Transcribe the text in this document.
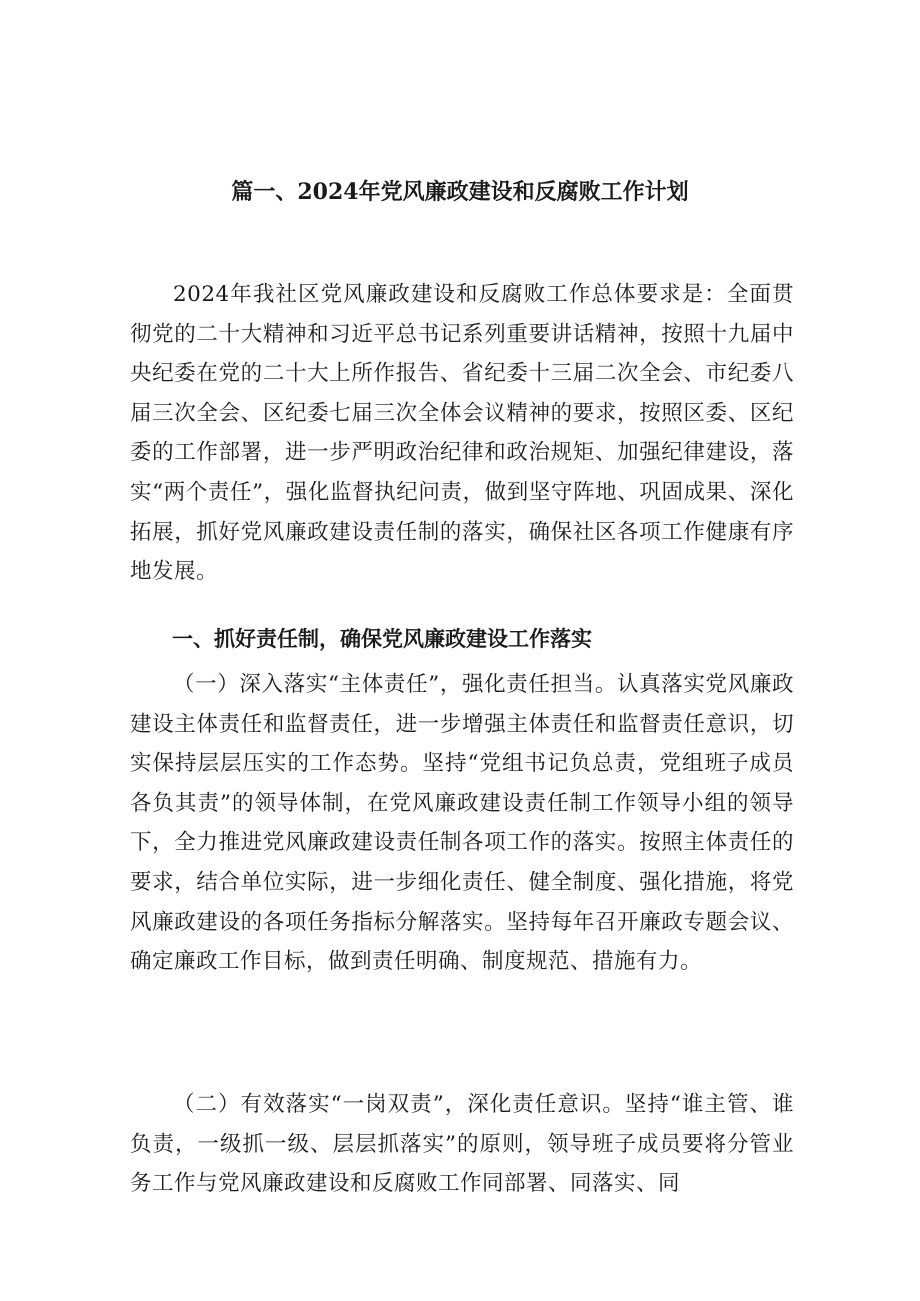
篇一、2024年党风廉政建设和反腐败工作计划

2024年我社区党风廉政建设和反腐败工作总体要求是：全面贯彻党的二十大精神和习近平总书记系列重要讲话精神，按照十九届中央纪委在党的二十大上所作报告、省纪委十三届二次全会、市纪委八届三次全会、区纪委七届三次全体会议精神的要求，按照区委、区纪委的工作部署，进一步严明政治纪律和政治规矩、加强纪律建设，落实“两个责任”，强化监督执纪问责，做到坚守阵地、巩固成果、深化拓展，抓好党风廉政建设责任制的落实，确保社区各项工作健康有序地发展。

一、抓好责任制，确保党风廉政建设工作落实

（一）深入落实“主体责任”，强化责任担当。认真落实党风廉政建设主体责任和监督责任，进一步增强主体责任和监督责任意识，切实保持层层压实的工作态势。坚持“党组书记负总责，党组班子成员各负其责”的领导体制，在党风廉政建设责任制工作领导小组的领导下，全力推进党风廉政建设责任制各项工作的落实。按照主体责任的要求，结合单位实际，进一步细化责任、健全制度、强化措施，将党风廉政建设的各项任务指标分解落实。坚持每年召开廉政专题会议、确定廉政工作目标，做到责任明确、制度规范、措施有力。

（二）有效落实“一岗双责”，深化责任意识。坚持“谁主管、谁负责，一级抓一级、层层抓落实”的原则，领导班子成员要将分管业务工作与党风廉政建设和反腐败工作同部署、同落实、同
